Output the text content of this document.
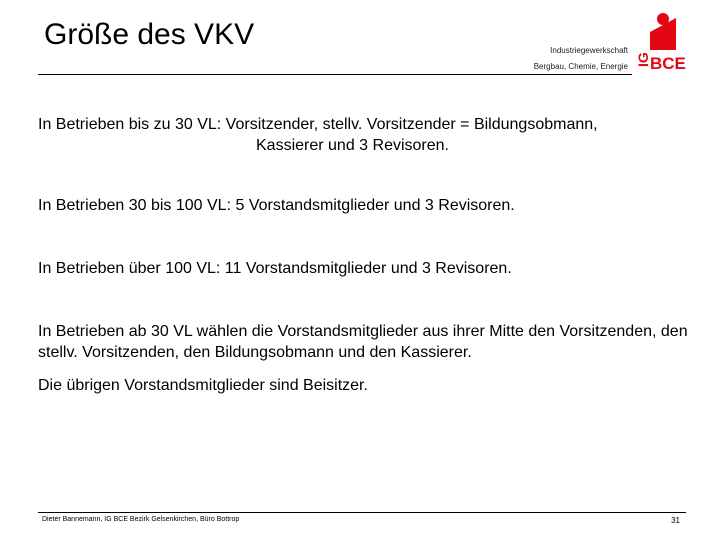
Größe des VKV	Industriegewerkschaft
Bergbau, Chemie, Energie IG BCE

In Betrieben bis zu 30 VL: Vorsitzender, stellv. Vorsitzender = Bildungsobmann,
Kassierer und 3 Revisoren.

In Betrieben 30 bis 100 VL: 5 Vorstandsmitglieder und 3 Revisoren.

In Betrieben über 100 VL: 11 Vorstandsmitglieder und 3 Revisoren.

In Betrieben ab 30 VL wählen die Vorstandsmitglieder aus ihrer Mitte den Vorsitzenden, den stellv. Vorsitzenden, den Bildungsobmann und den Kassierer.

Die übrigen Vorstandsmitglieder sind Beisitzer.

Dieter Bannemann, IG BCE Bezirk Gelsenkirchen, Büro Bottrop	31
